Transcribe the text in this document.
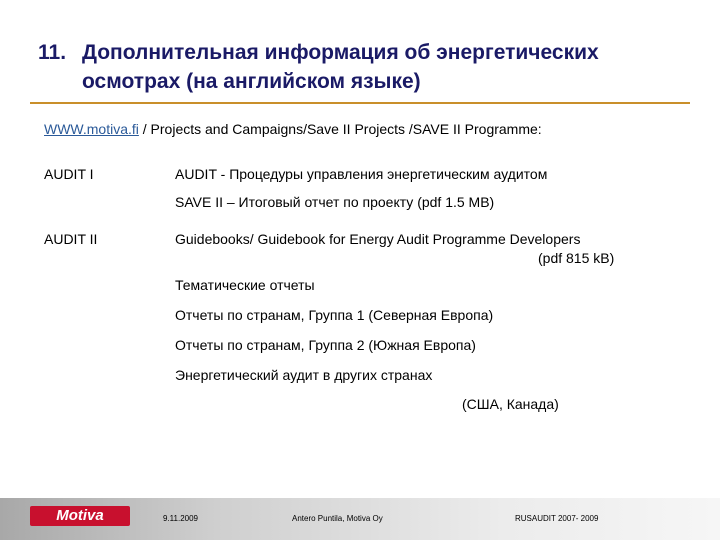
11. Дополнительная информация об энергетических
осмотрах (на английском языке)
WWW.motiva.fi / Projects and Campaigns/Save II Projects /SAVE II Programme:
AUDIT I	AUDIT - Процедуры управления энергетическим аудитом
SAVE II – Итоговый отчет по проекту (pdf 1.5 MB)
AUDIT II	Guidebooks/ Guidebook for Energy Audit Programme Developers
(pdf 815 kB)
Тематические отчеты
Отчеты по странам, Группа 1 (Северная Европа)
Отчеты по странам, Группа 2 (Южная Европа)
Энергетический аудит в других странах
(США, Канада)
Motiva	9.11.2009	Antero Puntila, Motiva Oy	RUSAUDIT 2007- 2009
